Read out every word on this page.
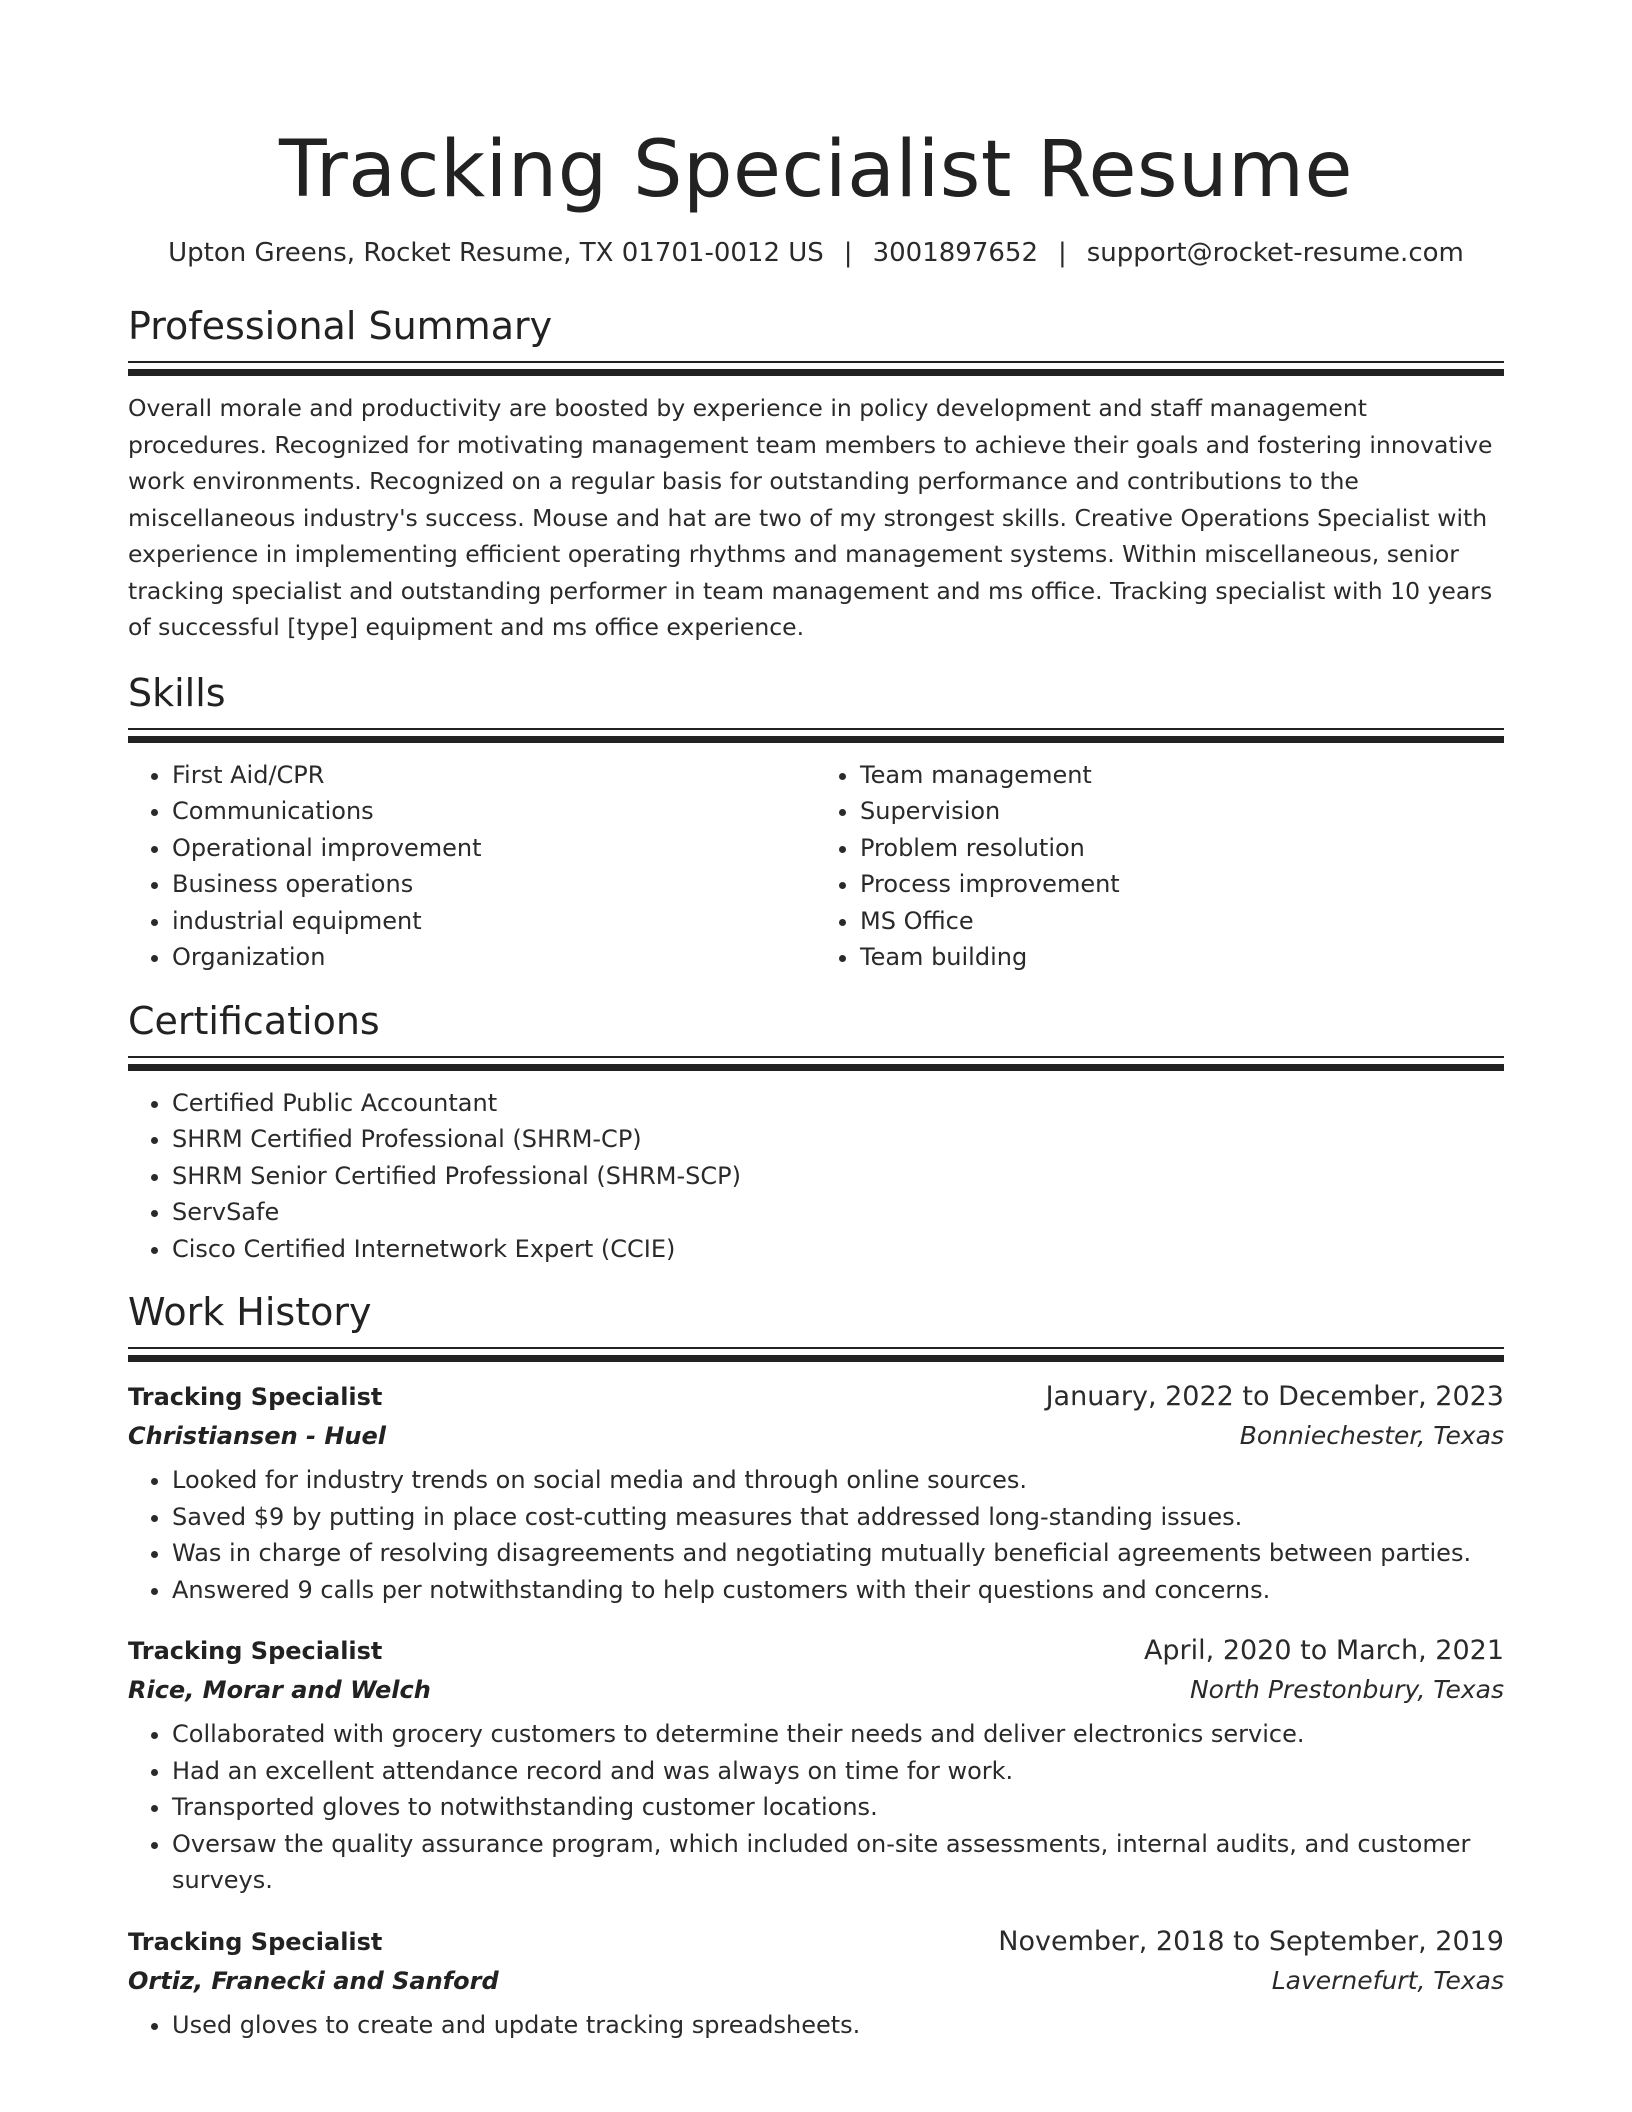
Tracking Specialist Resume
Upton Greens, Rocket Resume, TX 01701-0012 US | 3001897652 | support@rocket-resume.com
Professional Summary

Overall morale and productivity are boosted by experience in policy development and staff management procedures. Recognized for motivating management team members to achieve their goals and fostering innovative work environments. Recognized on a regular basis for outstanding performance and contributions to the miscellaneous industry's success. Mouse and hat are two of my strongest skills. Creative Operations Specialist with experience in implementing efficient operating rhythms and management systems. Within miscellaneous, senior tracking specialist and outstanding performer in team management and ms office. Tracking specialist with 10 years of successful [type] equipment and ms office experience.

Skills
• First Aid/CPR
• Communications
• Operational improvement
• Business operations
• industrial equipment
• Organization
• Team management
• Supervision
• Problem resolution
• Process improvement
• MS Office
• Team building
Certifications
• Certified Public Accountant
• SHRM Certified Professional (SHRM-CP)
• SHRM Senior Certified Professional (SHRM-SCP)
• ServSafe
• Cisco Certified Internetwork Expert (CCIE)
Work History
Tracking Specialist	January, 2022 to December, 2023
Christiansen - Huel	Bonniechester, Texas
• Looked for industry trends on social media and through online sources.
• Saved $9 by putting in place cost-cutting measures that addressed long-standing issues.
• Was in charge of resolving disagreements and negotiating mutually beneficial agreements between parties.
• Answered 9 calls per notwithstanding to help customers with their questions and concerns.
Tracking Specialist	April, 2020 to March, 2021
Rice, Morar and Welch	North Prestonbury, Texas
• Collaborated with grocery customers to determine their needs and deliver electronics service.
• Had an excellent attendance record and was always on time for work.
• Transported gloves to notwithstanding customer locations.
• Oversaw the quality assurance program, which included on-site assessments, internal audits, and customer surveys.
Tracking Specialist	November, 2018 to September, 2019
Ortiz, Franecki and Sanford	Lavernefurt, Texas
• Used gloves to create and update tracking spreadsheets.
